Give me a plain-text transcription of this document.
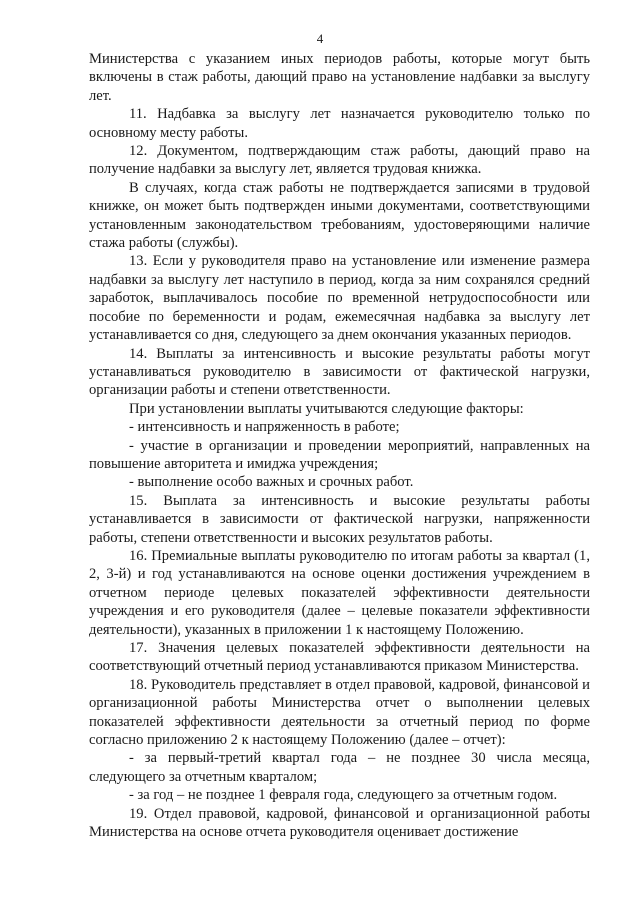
4

Министерства с указанием иных периодов работы, которые могут быть включены в стаж работы, дающий право на установление надбавки за выслугу лет.

11. Надбавка за выслугу лет назначается руководителю только по основному месту работы.

12. Документом, подтверждающим стаж работы, дающий право на получение надбавки за выслугу лет, является трудовая книжка.

В случаях, когда стаж работы не подтверждается записями в трудовой книжке, он может быть подтвержден иными документами, соответствующими установленным законодательством требованиям, удостоверяющими наличие стажа работы (службы).

13. Если у руководителя право на установление или изменение размера надбавки за выслугу лет наступило в период, когда за ним сохранялся средний заработок, выплачивалось пособие по временной нетрудоспособности или пособие по беременности и родам, ежемесячная надбавка за выслугу лет устанавливается со дня, следующего за днем окончания указанных периодов.

14. Выплаты за интенсивность и высокие результаты работы могут устанавливаться руководителю в зависимости от фактической нагрузки, организации работы и степени ответственности.

При установлении выплаты учитываются следующие факторы:

- интенсивность и напряженность в работе;

- участие в организации и проведении мероприятий, направленных на повышение авторитета и имиджа учреждения;

- выполнение особо важных и срочных работ.

15. Выплата за интенсивность и высокие результаты работы устанавливается в зависимости от фактической нагрузки, напряженности работы, степени ответственности и высоких результатов работы.

16. Премиальные выплаты руководителю по итогам работы за квартал (1, 2, 3-й) и год устанавливаются на основе оценки достижения учреждением в отчетном периоде целевых показателей эффективности деятельности учреждения и его руководителя (далее – целевые показатели эффективности деятельности), указанных в приложении 1 к настоящему Положению.

17. Значения целевых показателей эффективности деятельности на соответствующий отчетный период устанавливаются приказом Министерства.

18. Руководитель представляет в отдел правовой, кадровой, финансовой и организационной работы Министерства отчет о выполнении целевых показателей эффективности деятельности за отчетный период по форме согласно приложению 2 к настоящему Положению (далее – отчет):

- за первый-третий квартал года – не позднее 30 числа месяца, следующего за отчетным кварталом;

- за год – не позднее 1 февраля года, следующего за отчетным годом.

19. Отдел правовой, кадровой, финансовой и организационной работы Министерства на основе отчета руководителя оценивает достижение
